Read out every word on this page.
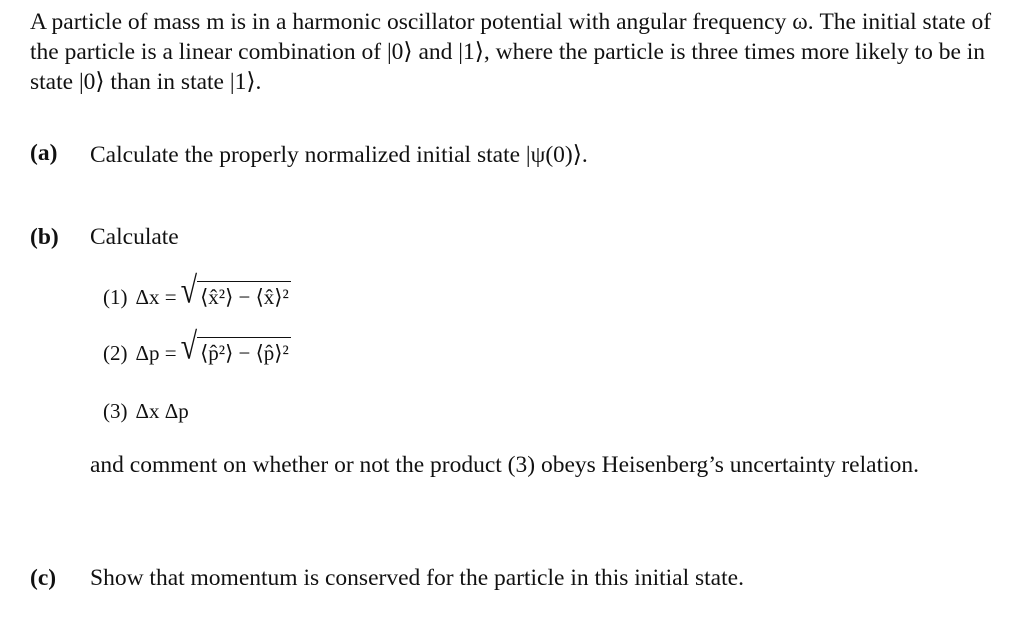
A particle of mass m is in a harmonic oscillator potential with angular frequency ω. The initial state of the particle is a linear combination of |0⟩ and |1⟩, where the particle is three times more likely to be in state |0⟩ than in state |1⟩.

(a) Calculate the properly normalized initial state |ψ(0)⟩.
(b) Calculate
(1) Δx = √ ⟨x̂²⟩ − ⟨x̂⟩²
(2) Δp = √ ⟨p̂²⟩ − ⟨p̂⟩²
(3) Δx Δp
and comment on whether or not the product (3) obeys Heisenberg’s uncertainty relation.
(c) Show that momentum is conserved for the particle in this initial state.
